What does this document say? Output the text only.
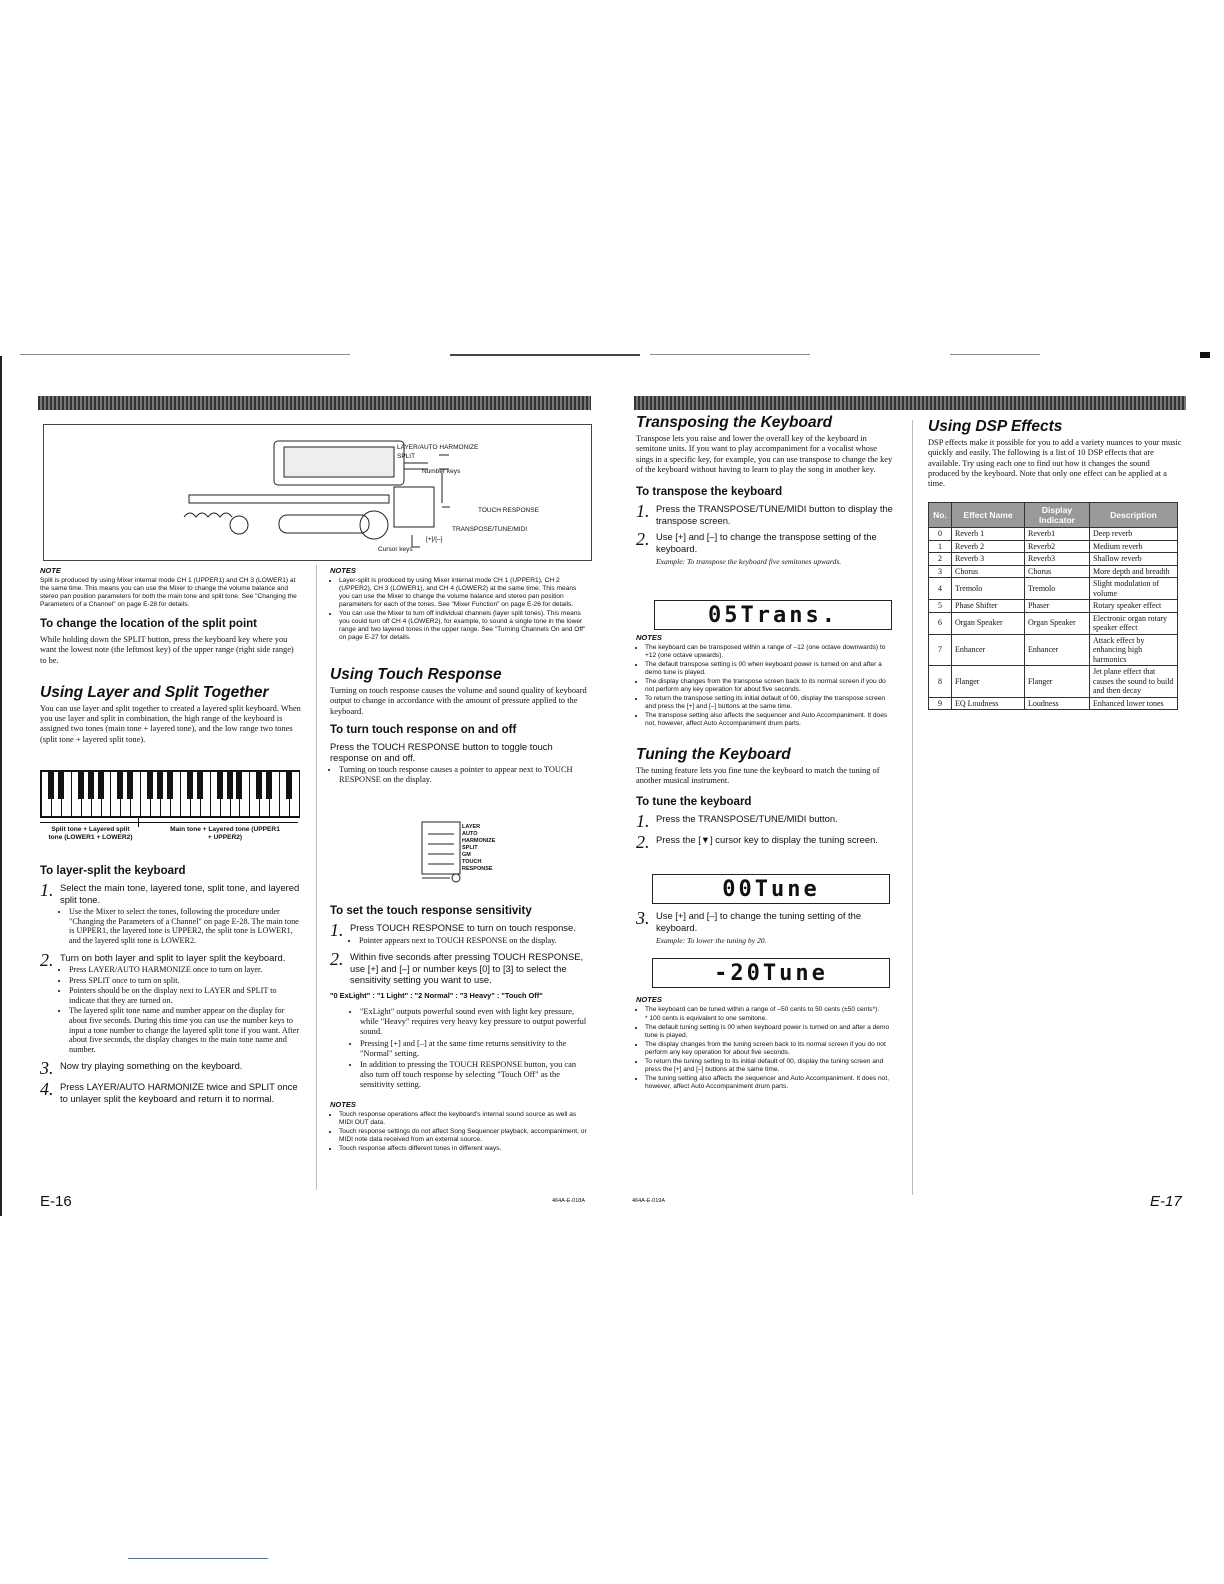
LAYER/AUTO HARMONIZE
SPLIT
Number keys
TOUCH RESPONSE
TRANSPOSE/TUNE/MIDI
[+]/[–]
Cursor keys
NOTE
Split is produced by using Mixer internal mode CH 1 (UPPER1) and CH 3 (LOWER1) at the same time. This means you can use the Mixer to change the volume balance and stereo pan position parameters for both the main tone and split tone. See "Changing the Parameters of a Channel" on page E-28 for details.
To change the location of the split point

While holding down the SPLIT button, press the keyboard key where you want the lowest note (the leftmost key) of the upper range (right side range) to be.

Using Layer and Split Together

You can use layer and split together to created a layered split keyboard. When you use layer and split in combination, the high range of the keyboard is assigned two tones (main tone + layered tone), and the low range two tones (split tone + layered split tone).

Split tone + Layered split tone (LOWER1 + LOWER2)
Main tone + Layered tone (UPPER1 + UPPER2)
To layer-split the keyboard
1. Select the main tone, layered tone, split tone, and layered split tone.
• Use the Mixer to select the tones, following the procedure under "Changing the Parameters of a Channel" on page E-28. The main tone is UPPER1, the layered tone is UPPER2, the split tone is LOWER1, and the layered split tone is LOWER2.
2. Turn on both layer and split to layer split the keyboard.
• Press LAYER/AUTO HARMONIZE once to turn on layer.
• Press SPLIT once to turn on split.
• Pointers should be on the display next to LAYER and SPLIT to indicate that they are turned on.
• The layered split tone name and number appear on the display for about five seconds. During this time you can use the number keys to input a tone number to change the layered split tone if you want. After about five seconds, the display changes to the main tone name and number.
3. Now try playing something on the keyboard.
4. Press LAYER/AUTO HARMONIZE twice and SPLIT once to unlayer split the keyboard and return it to normal.
NOTES
• Layer-split is produced by using Mixer internal mode CH 1 (UPPER1), CH 2 (UPPER2), CH 3 (LOWER1), and CH 4 (LOWER2) at the same time. This means you can use the Mixer to change the volume balance and stereo pan position parameters for each of the tones. See "Mixer Function" on page E-26 for details.
• You can use the Mixer to turn off individual channels (layer split tones). This means you could turn off CH 4 (LOWER2), for example, to sound a single tone in the lower range and two layered tones in the upper range. See "Turning Channels On and Off" on page E-27 for details.
Using Touch Response

Turning on touch response causes the volume and sound quality of keyboard output to change in accordance with the amount of pressure applied to the keyboard.

To turn touch response on and off

Press the TOUCH RESPONSE button to toggle touch response on and off.

• Turning on touch response causes a pointer to appear next to TOUCH RESPONSE on the display.
LAYER
AUTO HARMONIZE
SPLIT
GM
TOUCH RESPONSE
To set the touch response sensitivity
1. Press TOUCH RESPONSE to turn on touch response.
• Pointer appears next to TOUCH RESPONSE on the display.
2. Within five seconds after pressing TOUCH RESPONSE, use [+] and [–] or number keys [0] to [3] to select the sensitivity setting you want to use.
"0 ExLight" : "1 Light" : "2 Normal" : "3 Heavy" : "Touch Off"
• "ExLight" outputs powerful sound even with light key pressure, while "Heavy" requires very heavy key pressure to output powerful sound.
• Pressing [+] and [–] at the same time returns sensitivity to the "Normal" setting.
• In addition to pressing the TOUCH RESPONSE button, you can also turn off touch response by selecting "Touch Off" as the sensitivity setting.
NOTES
• Touch response operations affect the keyboard's internal sound source as well as MIDI OUT data.
• Touch response settings do not affect Song Sequencer playback, accompaniment, or MIDI note data received from an external source.
• Touch response affects different tones in different ways.
E-16	464A-E-018A
Transposing the Keyboard

Transpose lets you raise and lower the overall key of the keyboard in semitone units. If you want to play accompaniment for a vocalist whose sings in a specific key, for example, you can use transpose to change the key of the keyboard without having to learn to play the song in another key.

To transpose the keyboard
1. Press the TRANSPOSE/TUNE/MIDI button to display the transpose screen.
2. Use [+] and [–] to change the transpose setting of the keyboard.
Example: To transpose the keyboard five semitones upwards.
05Trans.
NOTES
• The keyboard can be transposed within a range of –12 (one octave downwards) to +12 (one octave upwards).
• The default transpose setting is 00 when keyboard power is turned on and after a demo tune is played.
• The display changes from the transpose screen back to its normal screen if you do not perform any key operation for about five seconds.
• To return the transpose setting its initial default of 00, display the transpose screen and press the [+] and [–] buttons at the same time.
• The transpose setting also affects the sequencer and Auto Accompaniment. It does not, however, affect Auto Accompaniment drum parts.
Tuning the Keyboard

The tuning feature lets you fine tune the keyboard to match the tuning of another musical instrument.

To tune the keyboard
1. Press the TRANSPOSE/TUNE/MIDI button.
2. Press the [▼] cursor key to display the tuning screen.
00Tune
3. Use [+] and [–] to change the tuning setting of the keyboard.
Example: To lower the tuning by 20.
-20Tune
NOTES
• The keyboard can be tuned within a range of –50 cents to 50 cents (±50 cents*).
* 100 cents is equivalent to one semitone.
• The default tuning setting is 00 when keyboard power is turned on and after a demo tune is played.
• The display changes from the tuning screen back to its normal screen if you do not perform any key operation for about five seconds.
• To return the tuning setting to its initial default of 00, display the tuning screen and press the [+] and [–] buttons at the same time.
• The tuning setting also affects the sequencer and Auto Accompaniment. It does not, however, affect Auto Accompaniment drum parts.
Using DSP Effects

DSP effects make it possible for you to add a variety nuances to your music quickly and easily. The following is a list of 10 DSP effects that are available. Try using each one to find out how it changes the sound produced by the keyboard. Note that only one effect can be applied at a time.

No.	Effect Name	Display Indicator	Description
0	Reverb 1	Reverb1	Deep reverb
1	Reverb 2	Reverb2	Medium reverb
2	Reverb 3	Reverb3	Shallow reverb
3	Chorus	Chorus	More depth and breadth
4	Tremolo	Tremolo	Slight modulation of volume
5	Phase Shifter	Phaser	Rotary speaker effect
6	Organ Speaker	Organ Speaker	Electronic organ rotary speaker effect
7	Enhancer	Enhancer	Attack effect by enhancing high harmonics
8	Flanger	Flanger	Jet plane effect that causes the sound to build and then decay
9	EQ Loudness	Loudness	Enhanced lower tones
464A-E-019A	E-17
